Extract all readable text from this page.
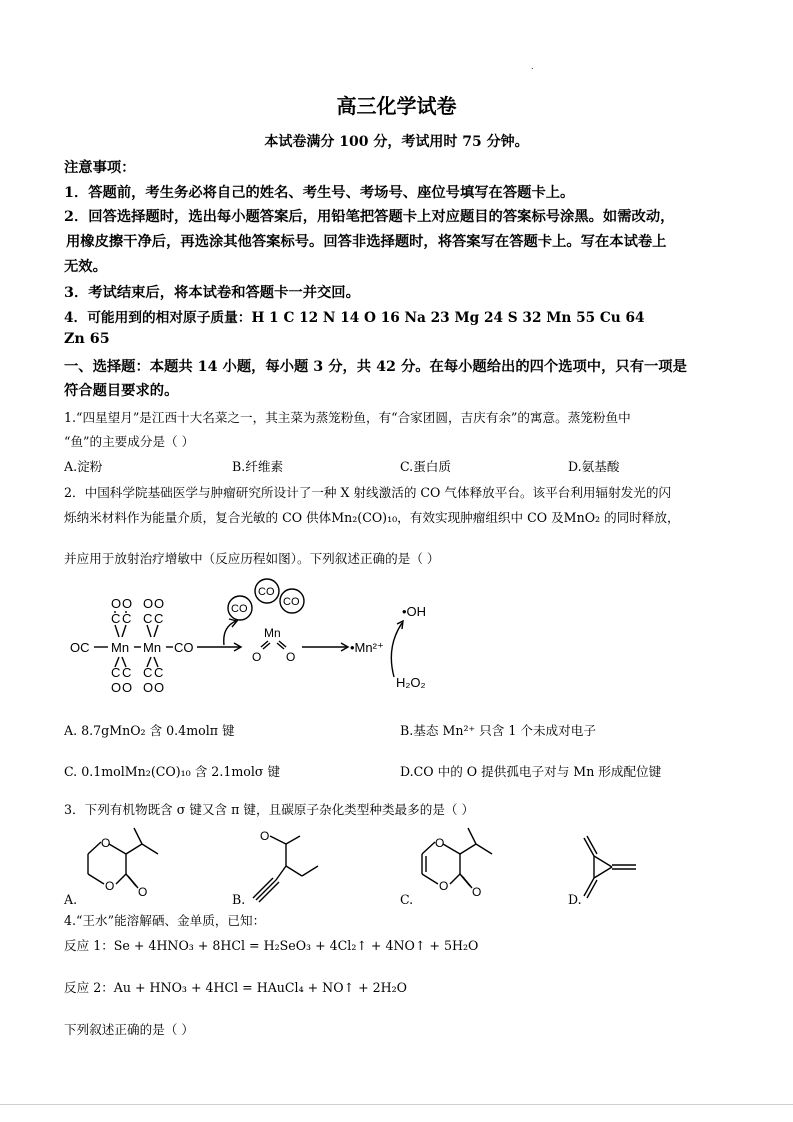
.
高三化学试卷
本试卷满分 100 分，考试用时 75 分钟。
注意事项：
1．答题前，考生务必将自己的姓名、考生号、考场号、座位号填写在答题卡上。
2．回答选择题时，选出每小题答案后，用铅笔把答题卡上对应题目的答案标号涂黑。如需改动，
用橡皮擦干净后，再选涂其他答案标号。回答非选择题时，将答案写在答题卡上。写在本试卷上
无效。
3．考试结束后，将本试卷和答题卡一并交回。
4．可能用到的相对原子质量：H 1 C 12 N 14 O 16 Na 23 Mg 24 S 32 Mn 55 Cu 64
Zn 65
一、选择题：本题共 14 小题，每小题 3 分，共 42 分。在每小题给出的四个选项中，只有一项是
符合题目要求的。
1.“四星望月”是江西十大名菜之一，其主菜为蒸笼粉鱼，有“合家团圆，吉庆有余”的寓意。蒸笼粉鱼中
“鱼”的主要成分是（ ）
A.淀粉	B.纤维素	C.蛋白质	D.氨基酸
2．中国科学院基础医学与肿瘤研究所设计了一种 X 射线激活的 CO 气体释放平台。该平台利用辐射发光的闪
烁纳米材料作为能量介质，复合光敏的 CO 供体Mn₂(CO)₁₀，有效实现肿瘤组织中 CO 及MnO₂ 的同时释放，
并应用于放射治疗增敏中（反应历程如图）。下列叙述正确的是（ ）
O O O O
C C C C
OC Mn Mn CO
C C C C
O O O O
CO
CO
CO
Mn
O O
•Mn²⁺
•OH
H₂O₂
A. 8.7gMnO₂ 含 0.4molπ 键	B.基态 Mn²⁺ 只含 1 个未成对电子
C. 0.1molMn₂(CO)₁₀ 含 2.1molσ 键	D.CO 中的 O 提供孤电子对与 Mn 形成配位键
3．下列有机物既含 σ 键又含 π 键，且碳原子杂化类型种类最多的是（ ）
A.
O
O O	B.
O
C.
O
O O	D.
4.“王水”能溶解硒、金单质，已知：
反应 1：Se + 4HNO₃ + 8HCl = H₂SeO₃ + 4Cl₂↑ + 4NO↑ + 5H₂O
反应 2：Au + HNO₃ + 4HCl = HAuCl₄ + NO↑ + 2H₂O
下列叙述正确的是（ ）
